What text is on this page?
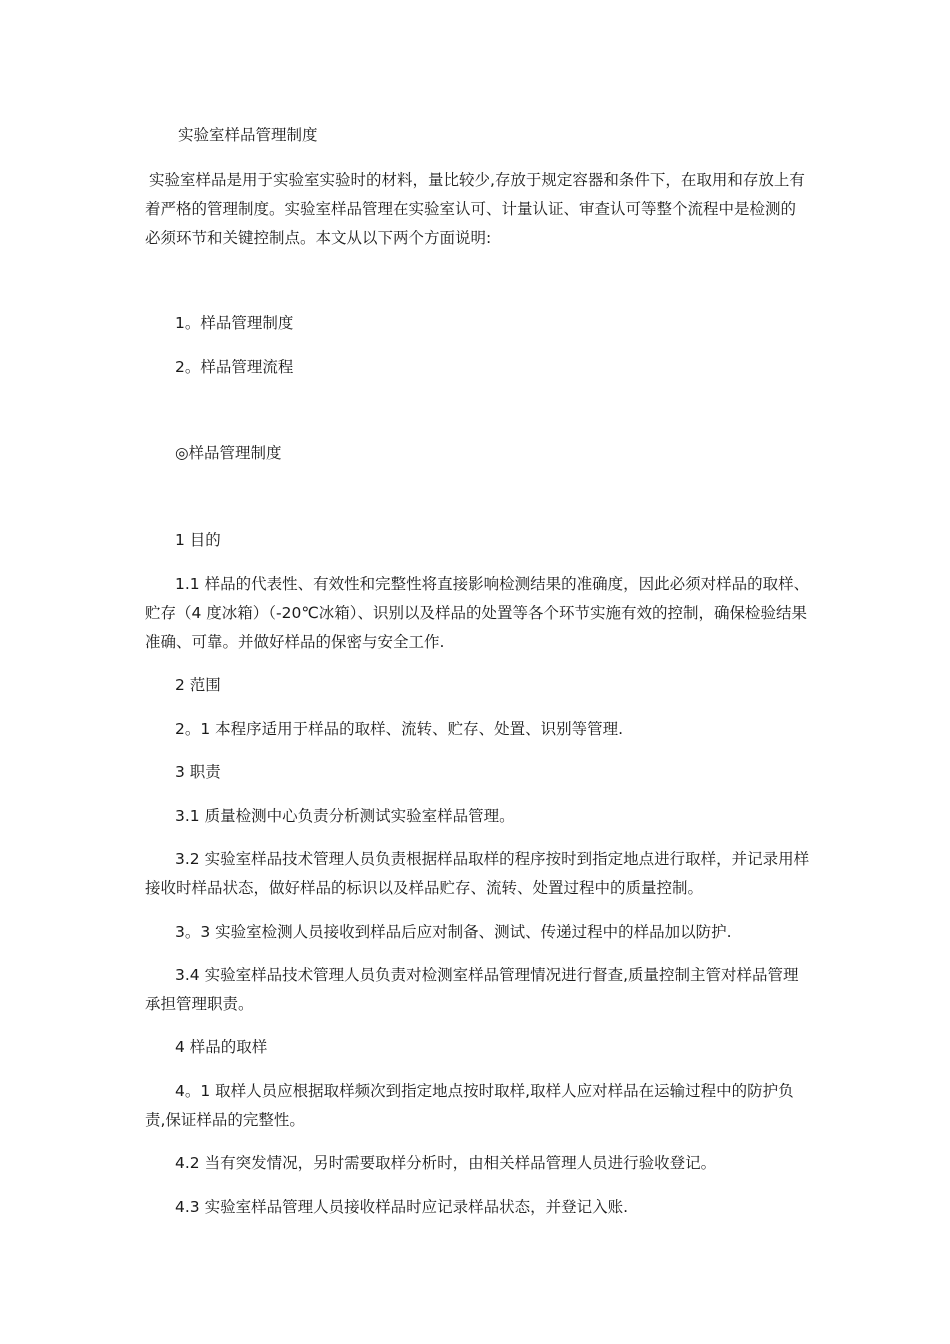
实验室样品管理制度

实验室样品是用于实验室实验时的材料，量比较少,存放于规定容器和条件下，在取用和存放上有着严格的管理制度。实验室样品管理在实验室认可、计量认证、审查认可等整个流程中是检测的必须环节和关键控制点。本文从以下两个方面说明:

1。样品管理制度

2。样品管理流程

◎样品管理制度

1 目的

1.1 样品的代表性、有效性和完整性将直接影响检测结果的准确度，因此必须对样品的取样、贮存（4 度冰箱）（-20℃冰箱）、识别以及样品的处置等各个环节实施有效的控制，确保检验结果准确、可靠。并做好样品的保密与安全工作.

2 范围

2。1 本程序适用于样品的取样、流转、贮存、处置、识别等管理.

3 职责

3.1 质量检测中心负责分析测试实验室样品管理。

3.2 实验室样品技术管理人员负责根据样品取样的程序按时到指定地点进行取样，并记录用样接收时样品状态，做好样品的标识以及样品贮存、流转、处置过程中的质量控制。

3。3 实验室检测人员接收到样品后应对制备、测试、传递过程中的样品加以防护.

3.4 实验室样品技术管理人员负责对检测室样品管理情况进行督查,质量控制主管对样品管理承担管理职责。

4 样品的取样

4。1 取样人员应根据取样频次到指定地点按时取样,取样人应对样品在运输过程中的防护负责,保证样品的完整性。

4.2 当有突发情况，另时需要取样分析时，由相关样品管理人员进行验收登记。

4.3 实验室样品管理人员接收样品时应记录样品状态，并登记入账.
